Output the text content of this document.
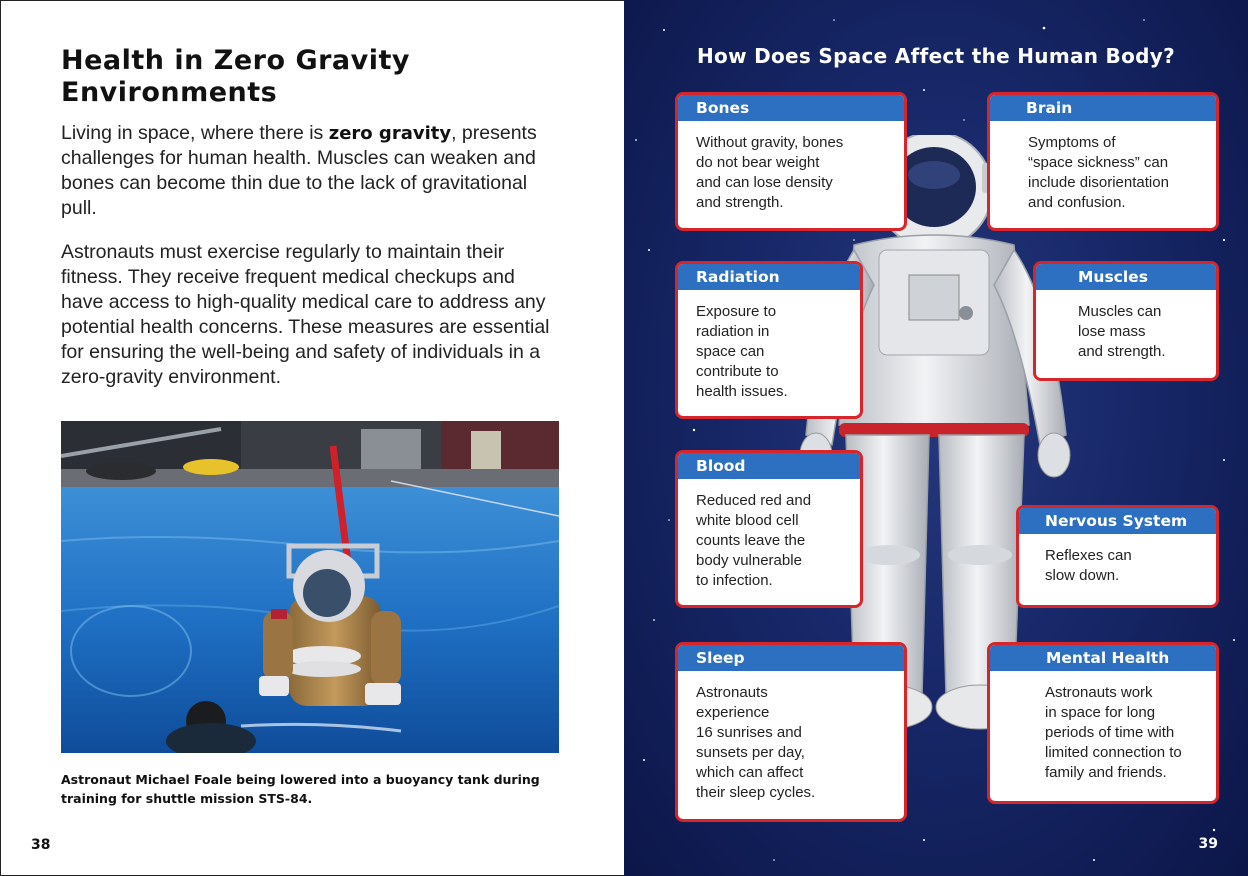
Health in Zero Gravity
Environments

Living in space, where there is zero gravity, presents challenges for human health. Muscles can weaken and bones can become thin due to the lack of gravitational pull.

Astronauts must exercise regularly to maintain their fitness. They receive frequent medical checkups and have access to high-quality medical care to address any potential health concerns. These measures are essential for ensuring the well-being and safety of individuals in a zero-gravity environment.

Astronaut Michael Foale being lowered into a buoyancy tank during training for shuttle mission STS-84.

38
How Does Space Affect the Human Body?
Bones
Without gravity, bones
do not bear weight
and can lose density
and strength.
Brain
Symptoms of
“space sickness” can
include disorientation
and confusion.
Radiation
Exposure to
radiation in
space can
contribute to
health issues.
Muscles
Muscles can
lose mass
and strength.
Blood
Reduced red and
white blood cell
counts leave the
body vulnerable
to infection.
Nervous System
Reflexes can
slow down.
Sleep
Astronauts
experience
16 sunrises and
sunsets per day,
which can affect
their sleep cycles.
Mental Health
Astronauts work
in space for long
periods of time with
limited connection to
family and friends.
39
